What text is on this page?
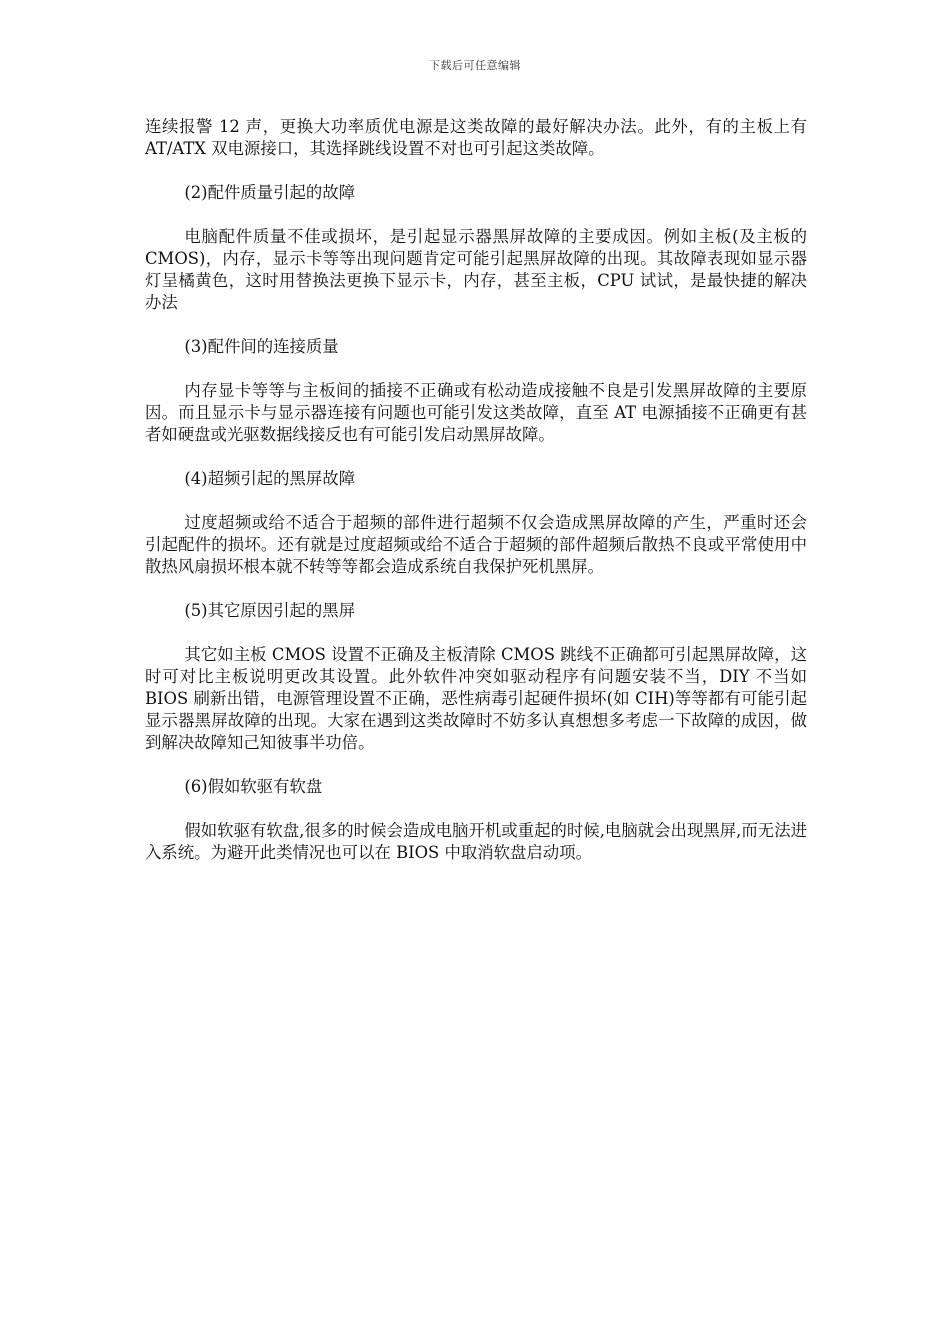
下载后可任意编辑

连续报警 12 声，更换大功率质优电源是这类故障的最好解决办法。此外，有的主板上有 AT/ATX 双电源接口，其选择跳线设置不对也可引起这类故障。

(2)配件质量引起的故障

电脑配件质量不佳或损坏，是引起显示器黑屏故障的主要成因。例如主板(及主板的 CMOS)，内存，显示卡等等出现问题肯定可能引起黑屏故障的出现。其故障表现如显示器灯呈橘黄色，这时用替换法更换下显示卡，内存，甚至主板，CPU 试试，是最快捷的解决办法

(3)配件间的连接质量

内存显卡等等与主板间的插接不正确或有松动造成接触不良是引发黑屏故障的主要原因。而且显示卡与显示器连接有问题也可能引发这类故障，直至 AT 电源插接不正确更有甚者如硬盘或光驱数据线接反也有可能引发启动黑屏故障。

(4)超频引起的黑屏故障

过度超频或给不适合于超频的部件进行超频不仅会造成黑屏故障的产生，严重时还会引起配件的损坏。还有就是过度超频或给不适合于超频的部件超频后散热不良或平常使用中散热风扇损坏根本就不转等等都会造成系统自我保护死机黑屏。

(5)其它原因引起的黑屏

其它如主板 CMOS 设置不正确及主板清除 CMOS 跳线不正确都可引起黑屏故障，这时可对比主板说明更改其设置。此外软件冲突如驱动程序有问题安装不当，DIY 不当如 BIOS 刷新出错，电源管理设置不正确，恶性病毒引起硬件损坏(如 CIH)等等都有可能引起显示器黑屏故障的出现。大家在遇到这类故障时不妨多认真想想多考虑一下故障的成因，做到解决故障知己知彼事半功倍。

(6)假如软驱有软盘

假如软驱有软盘,很多的时候会造成电脑开机或重起的时候,电脑就会出现黑屏,而无法进入系统。为避开此类情况也可以在 BIOS 中取消软盘启动项。
